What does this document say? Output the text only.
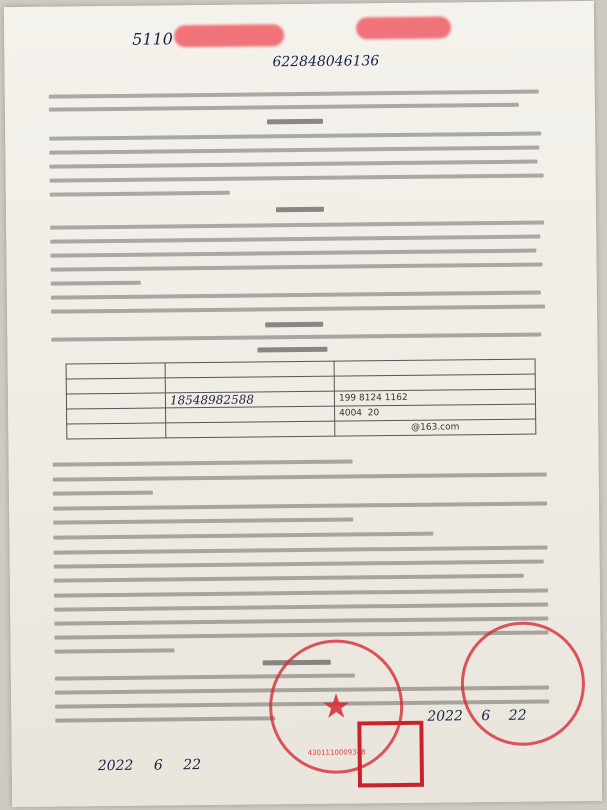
5110
622848046136

	18548982588	199 8124 1162
		4004 20
		@163.com
2022 6 22
2022 6 22
★
4301110009348
